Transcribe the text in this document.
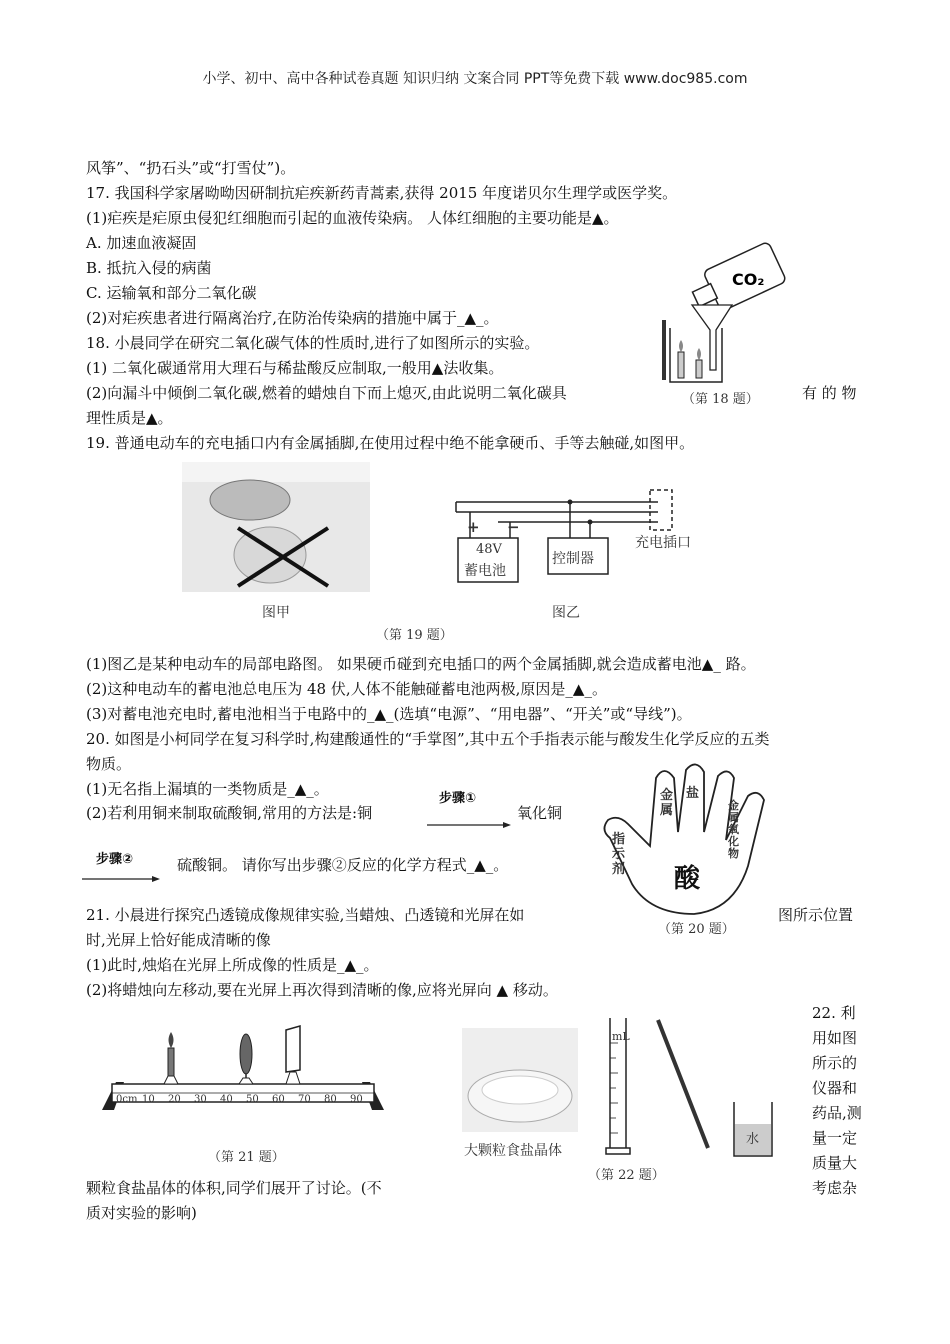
小学、初中、高中各种试卷真题 知识归纳 文案合同 PPT等免费下载 www.doc985.com
风筝”、“扔石头”或“打雪仗”)。
17. 我国科学家屠呦呦因研制抗疟疾新药青蒿素,获得 2015 年度诺贝尔生理学或医学奖。
(1)疟疾是疟原虫侵犯红细胞而引起的血液传染病。 人体红细胞的主要功能是▲。
A. 加速血液凝固
B. 抵抗入侵的病菌
C. 运输氧和部分二氧化碳
(2)对疟疾患者进行隔离治疗,在防治传染病的措施中属于_▲_。
18. 小晨同学在研究二氧化碳气体的性质时,进行了如图所示的实验。
(1) 二氧化碳通常用大理石与稀盐酸反应制取,一般用▲法收集。
(2)向漏斗中倾倒二氧化碳,燃着的蜡烛自下而上熄灭,由此说明二氧化碳具	有 的 物
理性质是▲。
19. 普通电动车的充电插口内有金属插脚,在使用过程中绝不能拿硬币、手等去触碰,如图甲。
(1)图乙是某种电动车的局部电路图。 如果硬币碰到充电插口的两个金属插脚,就会造成蓄电池▲_ 路。
(2)这种电动车的蓄电池总电压为 48 伏,人体不能触碰蓄电池两极,原因是_▲_。
(3)对蓄电池充电时,蓄电池相当于电路中的_▲_(选填“电源”、“用电器”、“开关”或“导线”)。
20. 如图是小柯同学在复习科学时,构建酸通性的“手掌图”,其中五个手指表示能与酸发生化学反应的五类
物质。
(1)无名指上漏填的一类物质是_▲_。
(2)若利用铜来制取硫酸铜,常用的方法是:铜	氧化铜
硫酸铜。 请你写出步骤②反应的化学方程式_▲_。
21. 小晨进行探究凸透镜成像规律实验,当蜡烛、凸透镜和光屏在如	图所示位置
时,光屏上恰好能成清晰的像
(1)此时,烛焰在光屏上所成像的性质是_▲_。
(2)将蜡烛向左移动,要在光屏上再次得到清晰的像,应将光屏向 ▲ 移动。
颗粒食盐晶体的体积,同学们展开了讨论。(不
质对实验的影响)
22. 利
用如图
所示的
仪器和
药品,测
量一定
质量大
考虑杂
步骤①
步骤②
CO₂
（第 18 题）
+ −
48V
蓄电池
控制器
充电插口
图甲	图乙
（第 19 题）
指示剂
金属
盐
金属氧化物
酸
（第 20 题）
0cm 10 20 30 40 50 60 70 80 90
（第 21 题）
mL
水
大颗粒食盐晶体
（第 22 题）
